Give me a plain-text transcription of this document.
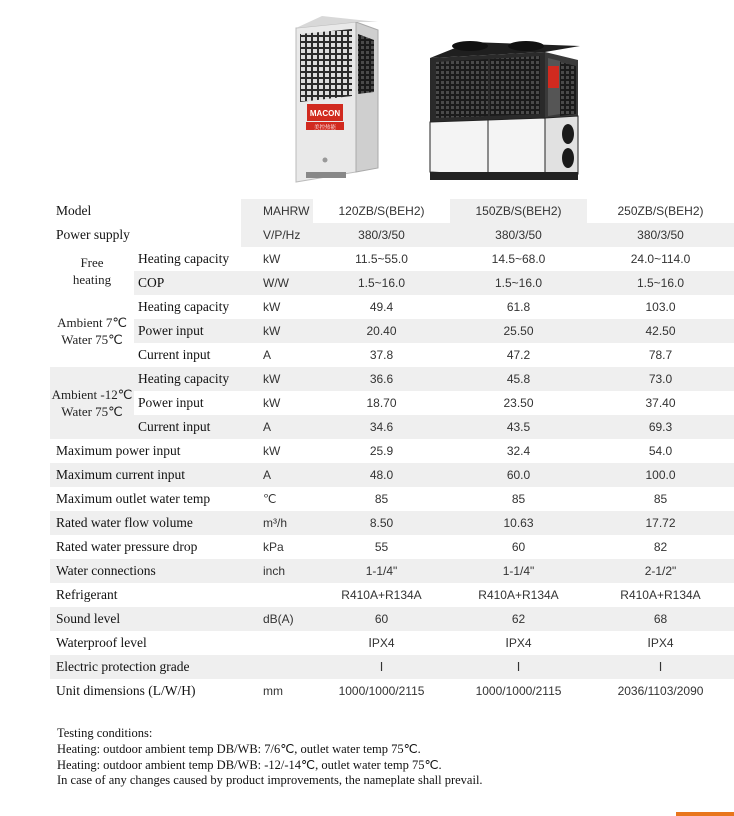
MACON
美控热能
Model		MAHRW	120ZB/S(BEH2)	150ZB/S(BEH2)	250ZB/S(BEH2)
Power supply		V/P/Hz	380/3/50	380/3/50	380/3/50
Free
heating	Heating capacity	kW	11.5~55.0	14.5~68.0	24.0~114.0
	COP	W/W	1.5~16.0	1.5~16.0	1.5~16.0
Ambient 7℃
Water 75℃	Heating capacity	kW	49.4	61.8	103.0
	Power input	kW	20.40	25.50	42.50
	Current input	A	37.8	47.2	78.7
Ambient -12℃
Water 75℃	Heating capacity	kW	36.6	45.8	73.0
	Power input	kW	18.70	23.50	37.40
	Current input	A	34.6	43.5	69.3
Maximum power input		kW	25.9	32.4	54.0
Maximum current input		A	48.0	60.0	100.0
Maximum outlet water temp		℃	85	85	85
Rated water flow volume		m³/h	8.50	10.63	17.72
Rated water pressure drop		kPa	55	60	82
Water connections		inch	1-1/4"	1-1/4"	2-1/2"
Refrigerant			R410A+R134A	R410A+R134A	R410A+R134A
Sound level		dB(A)	60	62	68
Waterproof level			ⅠPX4	ⅠPX4	ⅠPX4
Electric protection grade			Ⅰ	Ⅰ	Ⅰ
Unit dimensions (L/W/H)		mm	1000/1000/2115	1000/1000/2115	2036/1103/2090
Testing conditions:
Heating: outdoor ambient temp DB/WB: 7/6℃, outlet water temp 75℃.
Heating: outdoor ambient temp DB/WB: -12/-14℃, outlet water temp 75℃.
In case of any changes caused by product improvements, the nameplate shall prevail.
